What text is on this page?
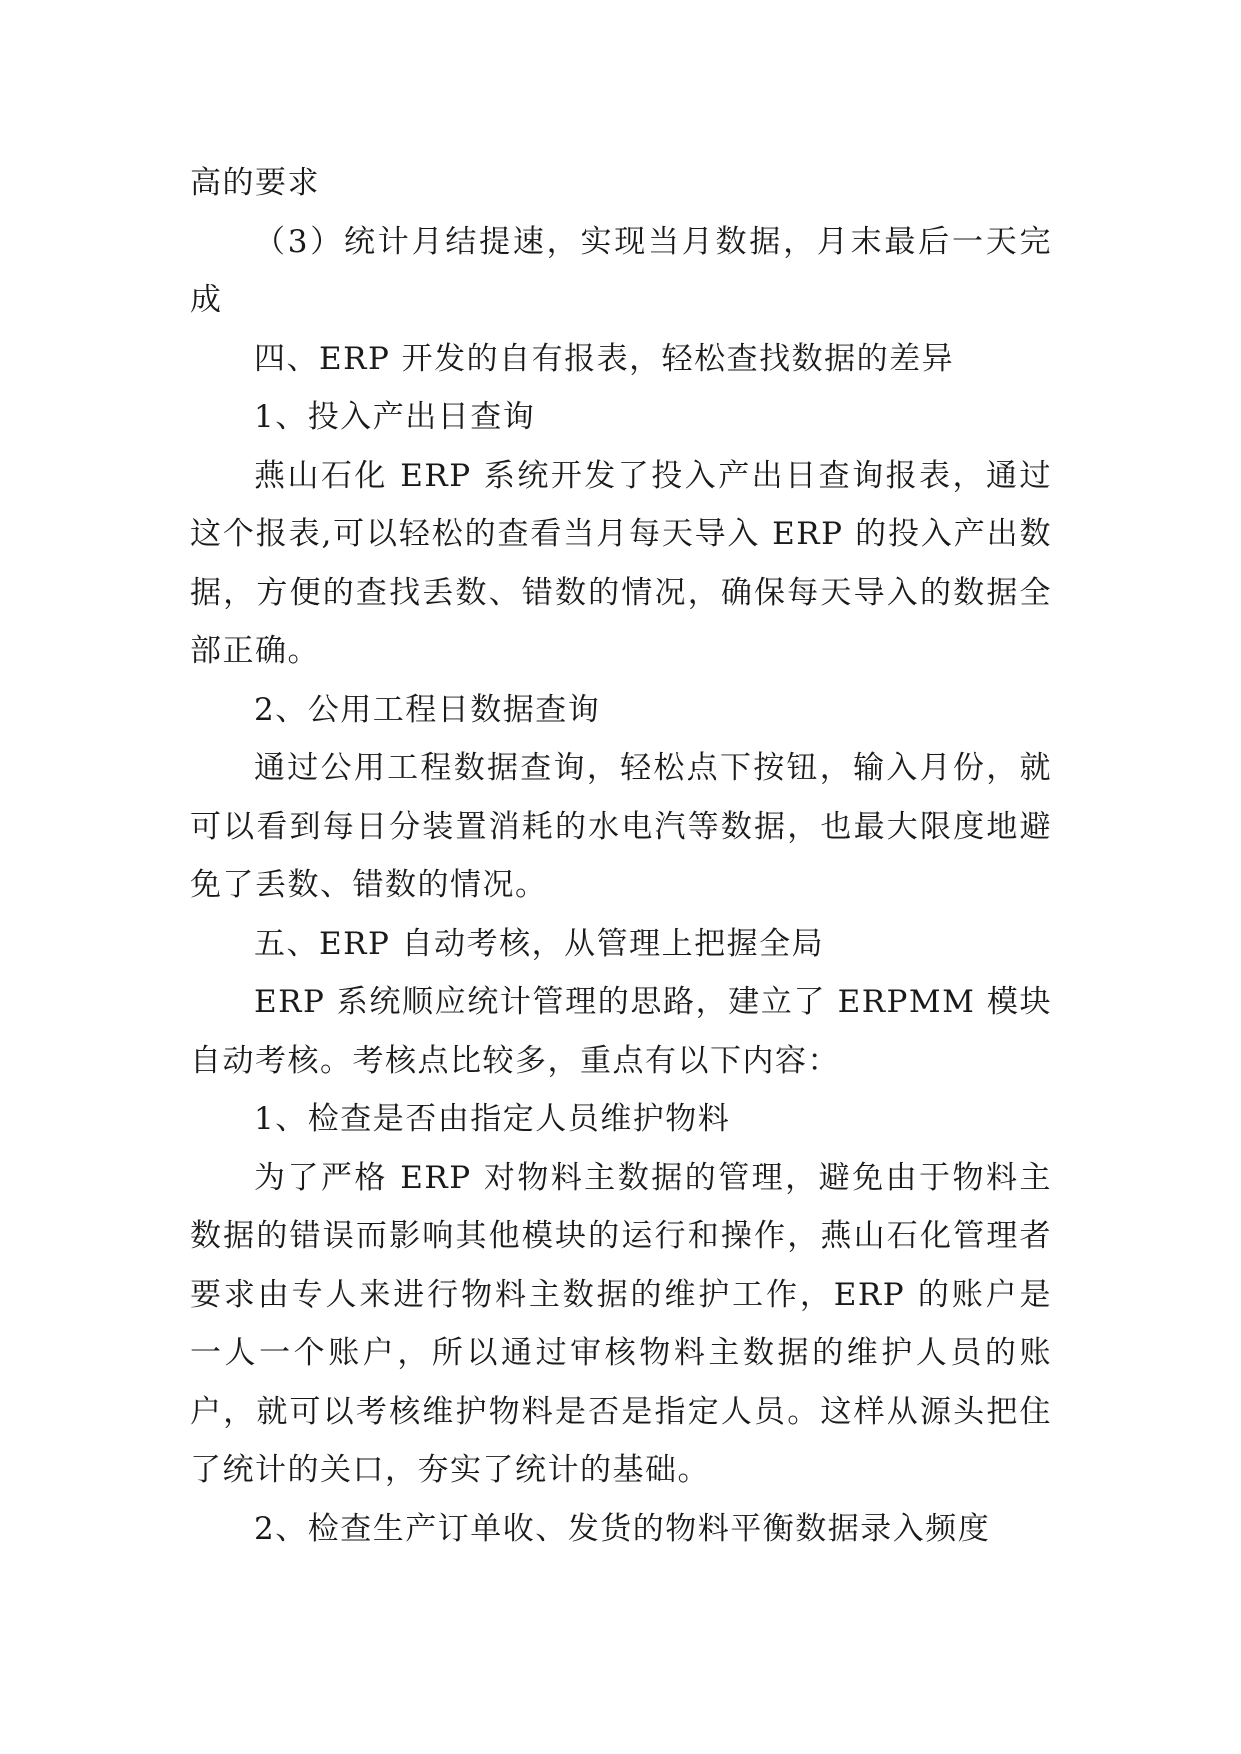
高的要求

（3）统计月结提速，实现当月数据，月末最后一天完成

四、ERP 开发的自有报表，轻松查找数据的差异

1、投入产出日查询

燕山石化 ERP 系统开发了投入产出日查询报表，通过这个报表,可以轻松的查看当月每天导入 ERP 的投入产出数据，方便的查找丢数、错数的情况，确保每天导入的数据全部正确。

2、公用工程日数据查询

通过公用工程数据查询，轻松点下按钮，输入月份，就可以看到每日分装置消耗的水电汽等数据，也最大限度地避免了丢数、错数的情况。

五、ERP 自动考核，从管理上把握全局

ERP 系统顺应统计管理的思路，建立了 ERPMM 模块自动考核。考核点比较多，重点有以下内容：

1、检查是否由指定人员维护物料

为了严格 ERP 对物料主数据的管理，避免由于物料主数据的错误而影响其他模块的运行和操作，燕山石化管理者要求由专人来进行物料主数据的维护工作，ERP 的账户是一人一个账户，所以通过审核物料主数据的维护人员的账户，就可以考核维护物料是否是指定人员。这样从源头把住了统计的关口，夯实了统计的基础。

2、检查生产订单收、发货的物料平衡数据录入频度
